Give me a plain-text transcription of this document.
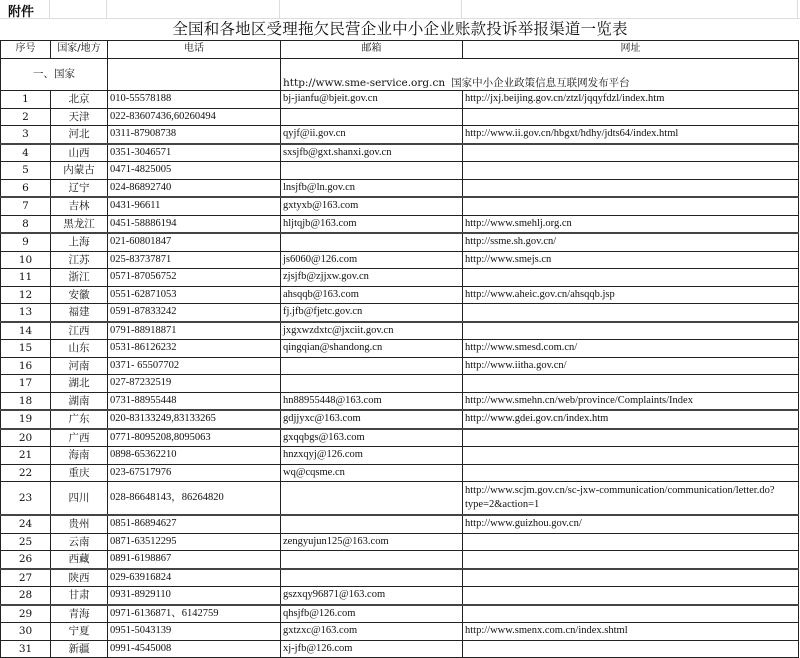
附件
全国和各地区受理拖欠民营企业中小企业账款投诉举报渠道一览表
序号	国家/地方	电话	邮箱	网址
一、国家			http://www.sme-service.org.cn 国家中小企业政策信息互联网发布平台	
1	北京	010-55578188	bj-jianfu@bjeit.gov.cn	http://jxj.beijing.gov.cn/ztzl/jqqyfdzl/index.htm
2	天津	022-83607436,60260494		
3	河北	0311-87908738	qyjf@ii.gov.cn	http://www.ii.gov.cn/hbgxt/hdhy/jdts64/index.html
4	山西	0351-3046571	sxsjfb@gxt.shanxi.gov.cn	
5	内蒙古	0471-4825005		
6	辽宁	024-86892740	lnsjfb@ln.gov.cn	
7	吉林	0431-96611	gxtyxb@163.com	
8	黑龙江	0451-58886194	hljtqjb@163.com	http://www.smehlj.org.cn
9	上海	021-60801847		http://ssme.sh.gov.cn/
10	江苏	025-83737871	js6060@126.com	http://www.smejs.cn
11	浙江	0571-87056752	zjsjfb@zjjxw.gov.cn	
12	安徽	0551-62871053	ahsqqb@163.com	http://www.aheic.gov.cn/ahsqqb.jsp
13	福建	0591-87833242	fj.jfb@fjetc.gov.cn	
14	江西	0791-88918871	jxgxwzdxtc@jxciit.gov.cn	
15	山东	0531-86126232	qingqian@shandong.cn	http://www.smesd.com.cn/
16	河南	0371- 65507702		http://www.iitha.gov.cn/
17	湖北	027-87232519		
18	湖南	0731-88955448	hn88955448@163.com	http://www.smehn.cn/web/province/Complaints/Index
19	广东	020-83133249,83133265	gdjjyxc@163.com	http://www.gdei.gov.cn/index.htm
20	广西	0771-8095208,8095063	gxqqbgs@163.com	
21	海南	0898-65362210	hnzxqyj@126.com	
22	重庆	023-67517976	wq@cqsme.cn	
23	四川	028-86648143，86264820		http://www.scjm.gov.cn/sc-jxw-communication/communication/letter.do?type=2&action=1
24	贵州	0851-86894627		http://www.guizhou.gov.cn/
25	云南	0871-63512295	zengyujun125@163.com	
26	西藏	0891-6198867		
27	陕西	029-63916824		
28	甘肃	0931-8929110	gszxqy96871@163.com	
29	青海	0971-6136871、6142759	qhsjfb@126.com	
30	宁夏	0951-5043139	gxtzxc@163.com	http://www.smenx.com.cn/index.shtml
31	新疆	0991-4545008	xj-jfb@126.com	
